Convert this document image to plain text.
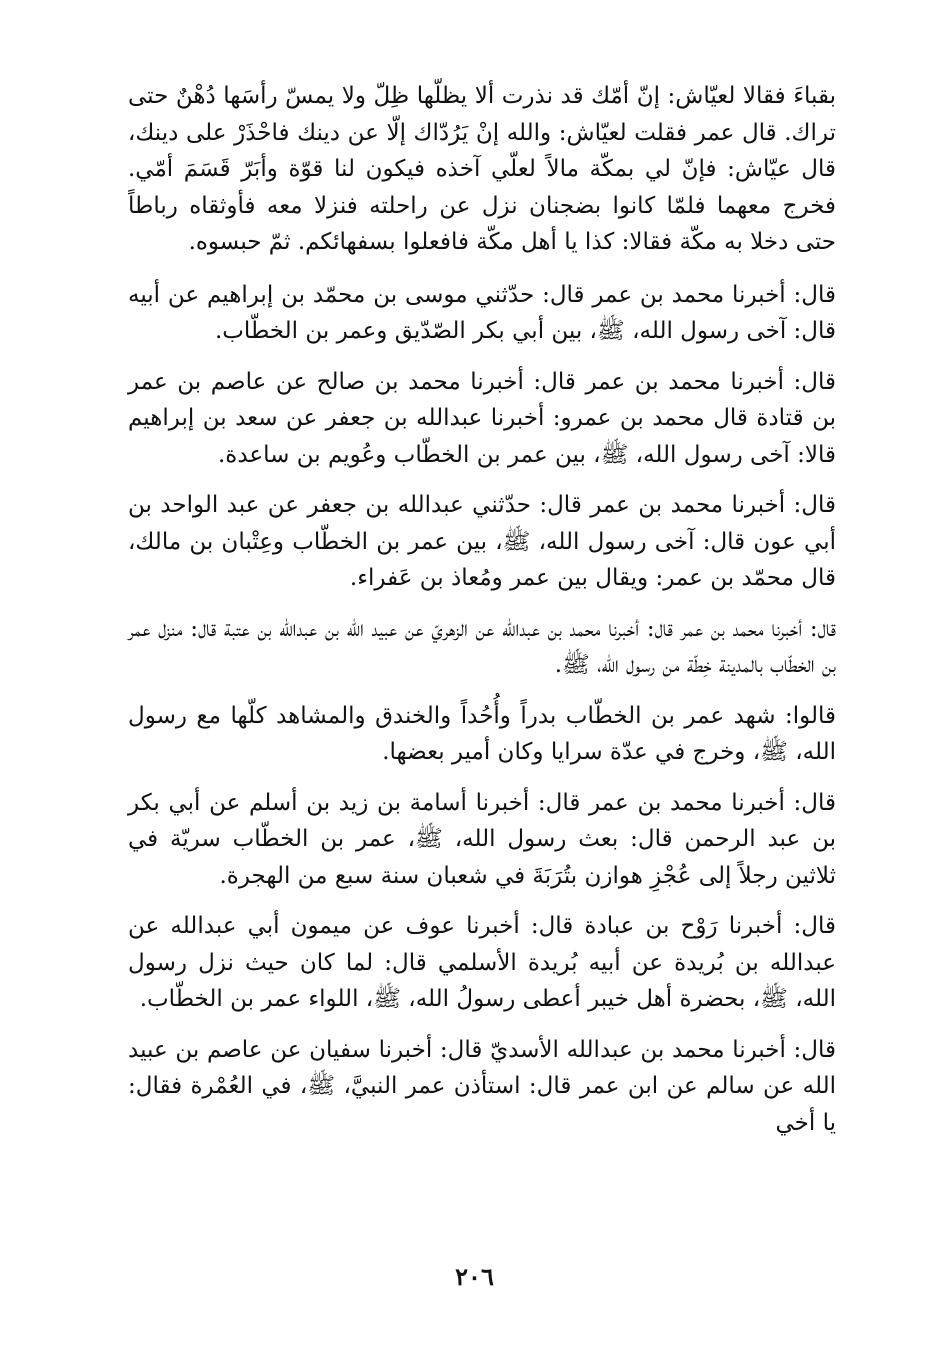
بقباءَ فقالا لعيّاش: إنّ أمّك قد نذرت ألا يظلّها ظِلّ ولا يمسّ رأسَها دُهْنٌ حتى تراك. قال عمر فقلت لعيّاش: والله إنْ يَرُدّاك إلّا عن دينك فاحْذَرْ على دينك، قال عيّاش: فإنّ لي بمكّة مالاً لعلّي آخذه فيكون لنا قوّة وأبَرّ قَسَمَ أمّي. فخرج معهما فلمّا كانوا بضجنان نزل عن راحلته فنزلا معه فأوثقاه رباطاً حتى دخلا به مكّة فقالا: كذا يا أهل مكّة فافعلوا بسفهائكم. ثمّ حبسوه.

قال: أخبرنا محمد بن عمر قال: حدّثني موسى بن محمّد بن إبراهيم عن أبيه قال: آخى رسول الله، ﷺ، بين أبي بكر الصّدّيق وعمر بن الخطّاب.

قال: أخبرنا محمد بن عمر قال: أخبرنا محمد بن صالح عن عاصم بن عمر بن قتادة قال محمد بن عمرو: أخبرنا عبدالله بن جعفر عن سعد بن إبراهيم قالا: آخى رسول الله، ﷺ، بين عمر بن الخطّاب وعُويم بن ساعدة.

قال: أخبرنا محمد بن عمر قال: حدّثني عبدالله بن جعفر عن عبد الواحد بن أبي عون قال: آخى رسول الله، ﷺ، بين عمر بن الخطّاب وعِتْبان بن مالك، قال محمّد بن عمر: ويقال بين عمر ومُعاذ بن عَفراء.

قال: أخبرنا محمد بن عمر قال: أخبرنا محمد بن عبدالله عن الزهريّ عن عبيد الله بن عبدالله بن عتبة قال: منزل عمر بن الخطّاب بالمدينة خِطّة من رسول الله، ﷺ.

قالوا: شهد عمر بن الخطّاب بدراً وأُحُداً والخندق والمشاهد كلّها مع رسول الله، ﷺ، وخرج في عدّة سرايا وكان أمير بعضها.

قال: أخبرنا محمد بن عمر قال: أخبرنا أسامة بن زيد بن أسلم عن أبي بكر بن عبد الرحمن قال: بعث رسول الله، ﷺ، عمر بن الخطّاب سريّة في ثلاثين رجلاً إلى عُجْزِ هوازن بتُرَبَةَ في شعبان سنة سبع من الهجرة.

قال: أخبرنا رَوْح بن عبادة قال: أخبرنا عوف عن ميمون أبي عبدالله عن عبدالله بن بُريدة عن أبيه بُريدة الأسلمي قال: لما كان حيث نزل رسول الله، ﷺ، بحضرة أهل خيبر أعطى رسولُ الله، ﷺ، اللواء عمر بن الخطّاب.

قال: أخبرنا محمد بن عبدالله الأسديّ قال: أخبرنا سفيان عن عاصم بن عبيد الله عن سالم عن ابن عمر قال: استأذن عمر النبيَّ، ﷺ، في العُمْرة فقال: يا أخي

٢٠٦
